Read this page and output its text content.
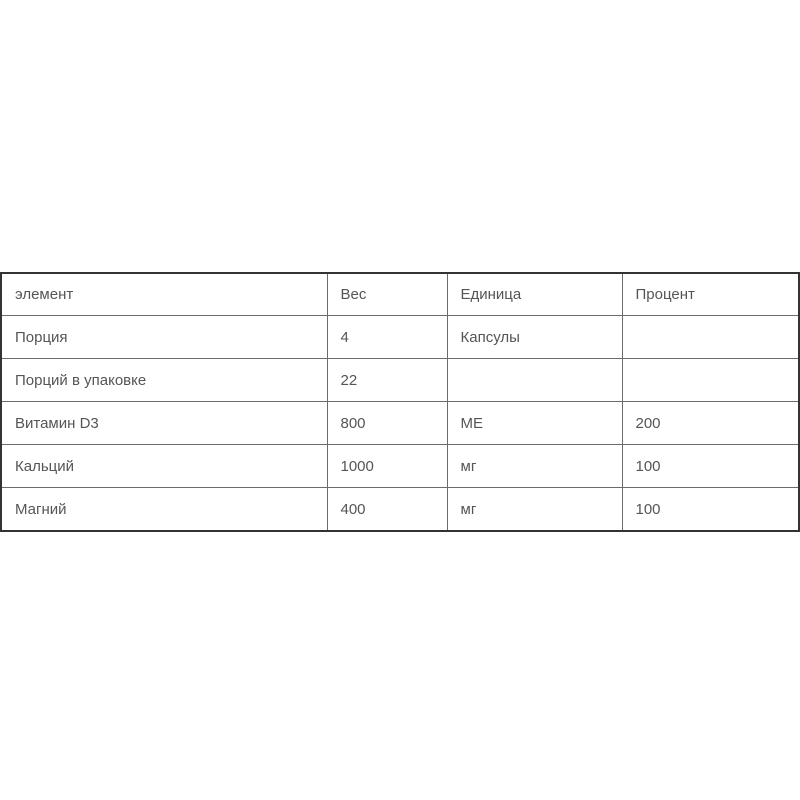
элемент	Вес	Единица	Процент
Порция	4	Капсулы	
Порций в упаковке	22		
Витамин D3	800	МЕ	200
Кальций	1000	мг	100
Магний	400	мг	100
